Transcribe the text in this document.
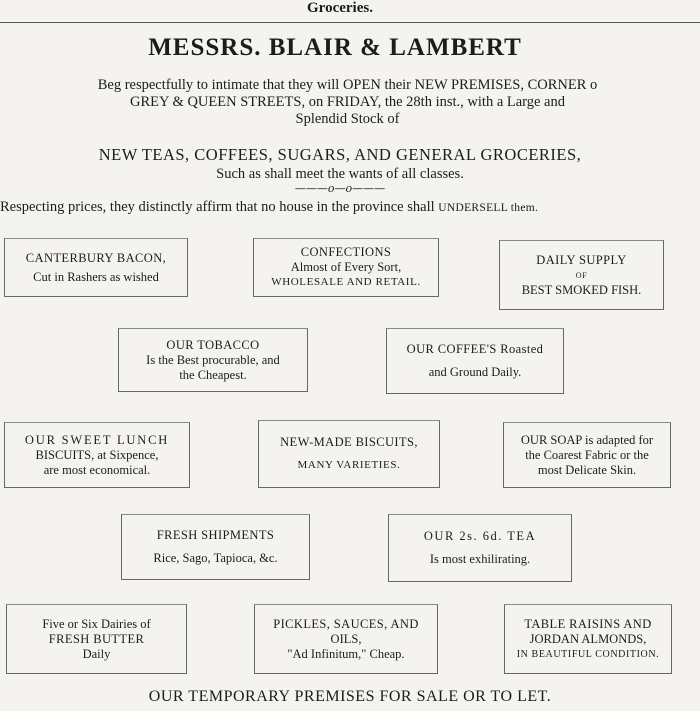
Groceries.
MESSRS. BLAIR & LAMBERT
Beg respectfully to intimate that they will OPEN their NEW PREMISES, CORNER o
GREY & QUEEN STREETS, on FRIDAY, the 28th inst., with a Large and
Splendid Stock of
NEW TEAS, COFFEES, SUGARS, AND GENERAL GROCERIES,
Such as shall meet the wants of all classes.
———o—o———
Respecting prices, they distinctly affirm that no house in the province shall UNDERSELL them.
CANTERBURY BACON,
Cut in Rashers as wished
CONFECTIONS
Almost of Every Sort,
WHOLESALE AND RETAIL.
DAILY SUPPLY
OF
BEST SMOKED FISH.
OUR TOBACCO
Is the Best procurable, and
the Cheapest.
OUR COFFEE'S Roasted
and Ground Daily.
OUR SWEET LUNCH
BISCUITS, at Sixpence,
are most economical.
NEW-MADE BISCUITS,
MANY VARIETIES.
OUR SOAP is adapted for
the Coarest Fabric or the
most Delicate Skin.
FRESH SHIPMENTS
Rice, Sago, Tapioca, &c.
OUR 2s. 6d. TEA
Is most exhilirating.
Five or Six Dairies of
FRESH BUTTER
Daily
PICKLES, SAUCES, AND
OILS,
"Ad Infinitum," Cheap.
TABLE RAISINS AND
JORDAN ALMONDS,
IN BEAUTIFUL CONDITION.
OUR TEMPORARY PREMISES FOR SALE OR TO LET.
